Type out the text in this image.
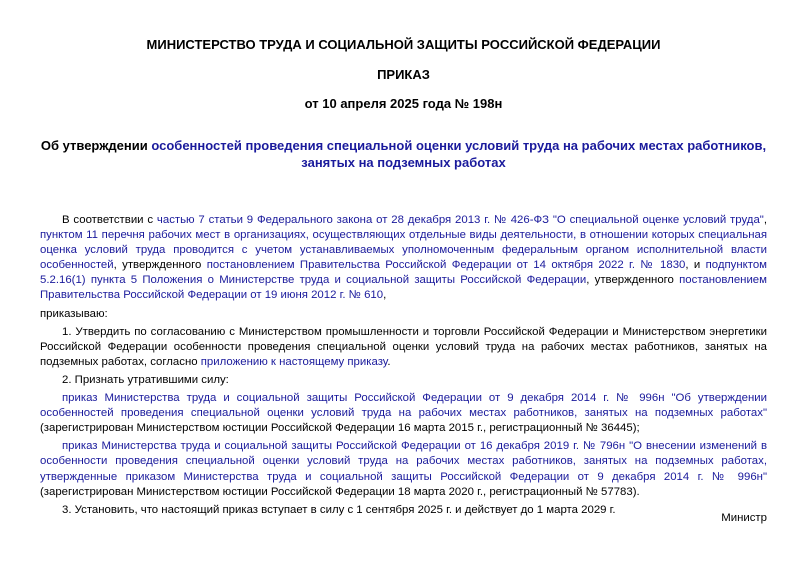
МИНИСТЕРСТВО ТРУДА И СОЦИАЛЬНОЙ ЗАЩИТЫ РОССИЙСКОЙ ФЕДЕРАЦИИ
ПРИКАЗ
от 10 апреля 2025 года № 198н
Об утверждении особенностей проведения специальной оценки условий труда на рабочих местах работников, занятых на подземных работах

В соответствии с частью 7 статьи 9 Федерального закона от 28 декабря 2013 г. № 426-ФЗ "О специальной оценке условий труда", пунктом 11 перечня рабочих мест в организациях, осуществляющих отдельные виды деятельности, в отношении которых специальная оценка условий труда проводится с учетом устанавливаемых уполномоченным федеральным органом исполнительной власти особенностей, утвержденного постановлением Правительства Российской Федерации от 14 октября 2022 г. № 1830, и подпунктом 5.2.16(1) пункта 5 Положения о Министерстве труда и социальной защиты Российской Федерации, утвержденного постановлением Правительства Российской Федерации от 19 июня 2012 г. № 610,

приказываю:

1. Утвердить по согласованию с Министерством промышленности и торговли Российской Федерации и Министерством энергетики Российской Федерации особенности проведения специальной оценки условий труда на рабочих местах работников, занятых на подземных работах, согласно приложению к настоящему приказу.

2. Признать утратившими силу:

приказ Министерства труда и социальной защиты Российской Федерации от 9 декабря 2014 г. № 996н "Об утверждении особенностей проведения специальной оценки условий труда на рабочих местах работников, занятых на подземных работах" (зарегистрирован Министерством юстиции Российской Федерации 16 марта 2015 г., регистрационный № 36445);

приказ Министерства труда и социальной защиты Российской Федерации от 16 декабря 2019 г. № 796н "О внесении изменений в особенности проведения специальной оценки условий труда на рабочих местах работников, занятых на подземных работах, утвержденные приказом Министерства труда и социальной защиты Российской Федерации от 9 декабря 2014 г. № 996н" (зарегистрирован Министерством юстиции Российской Федерации 18 марта 2020 г., регистрационный № 57783).

3. Установить, что настоящий приказ вступает в силу с 1 сентября 2025 г. и действует до 1 марта 2029 г.

Министр
